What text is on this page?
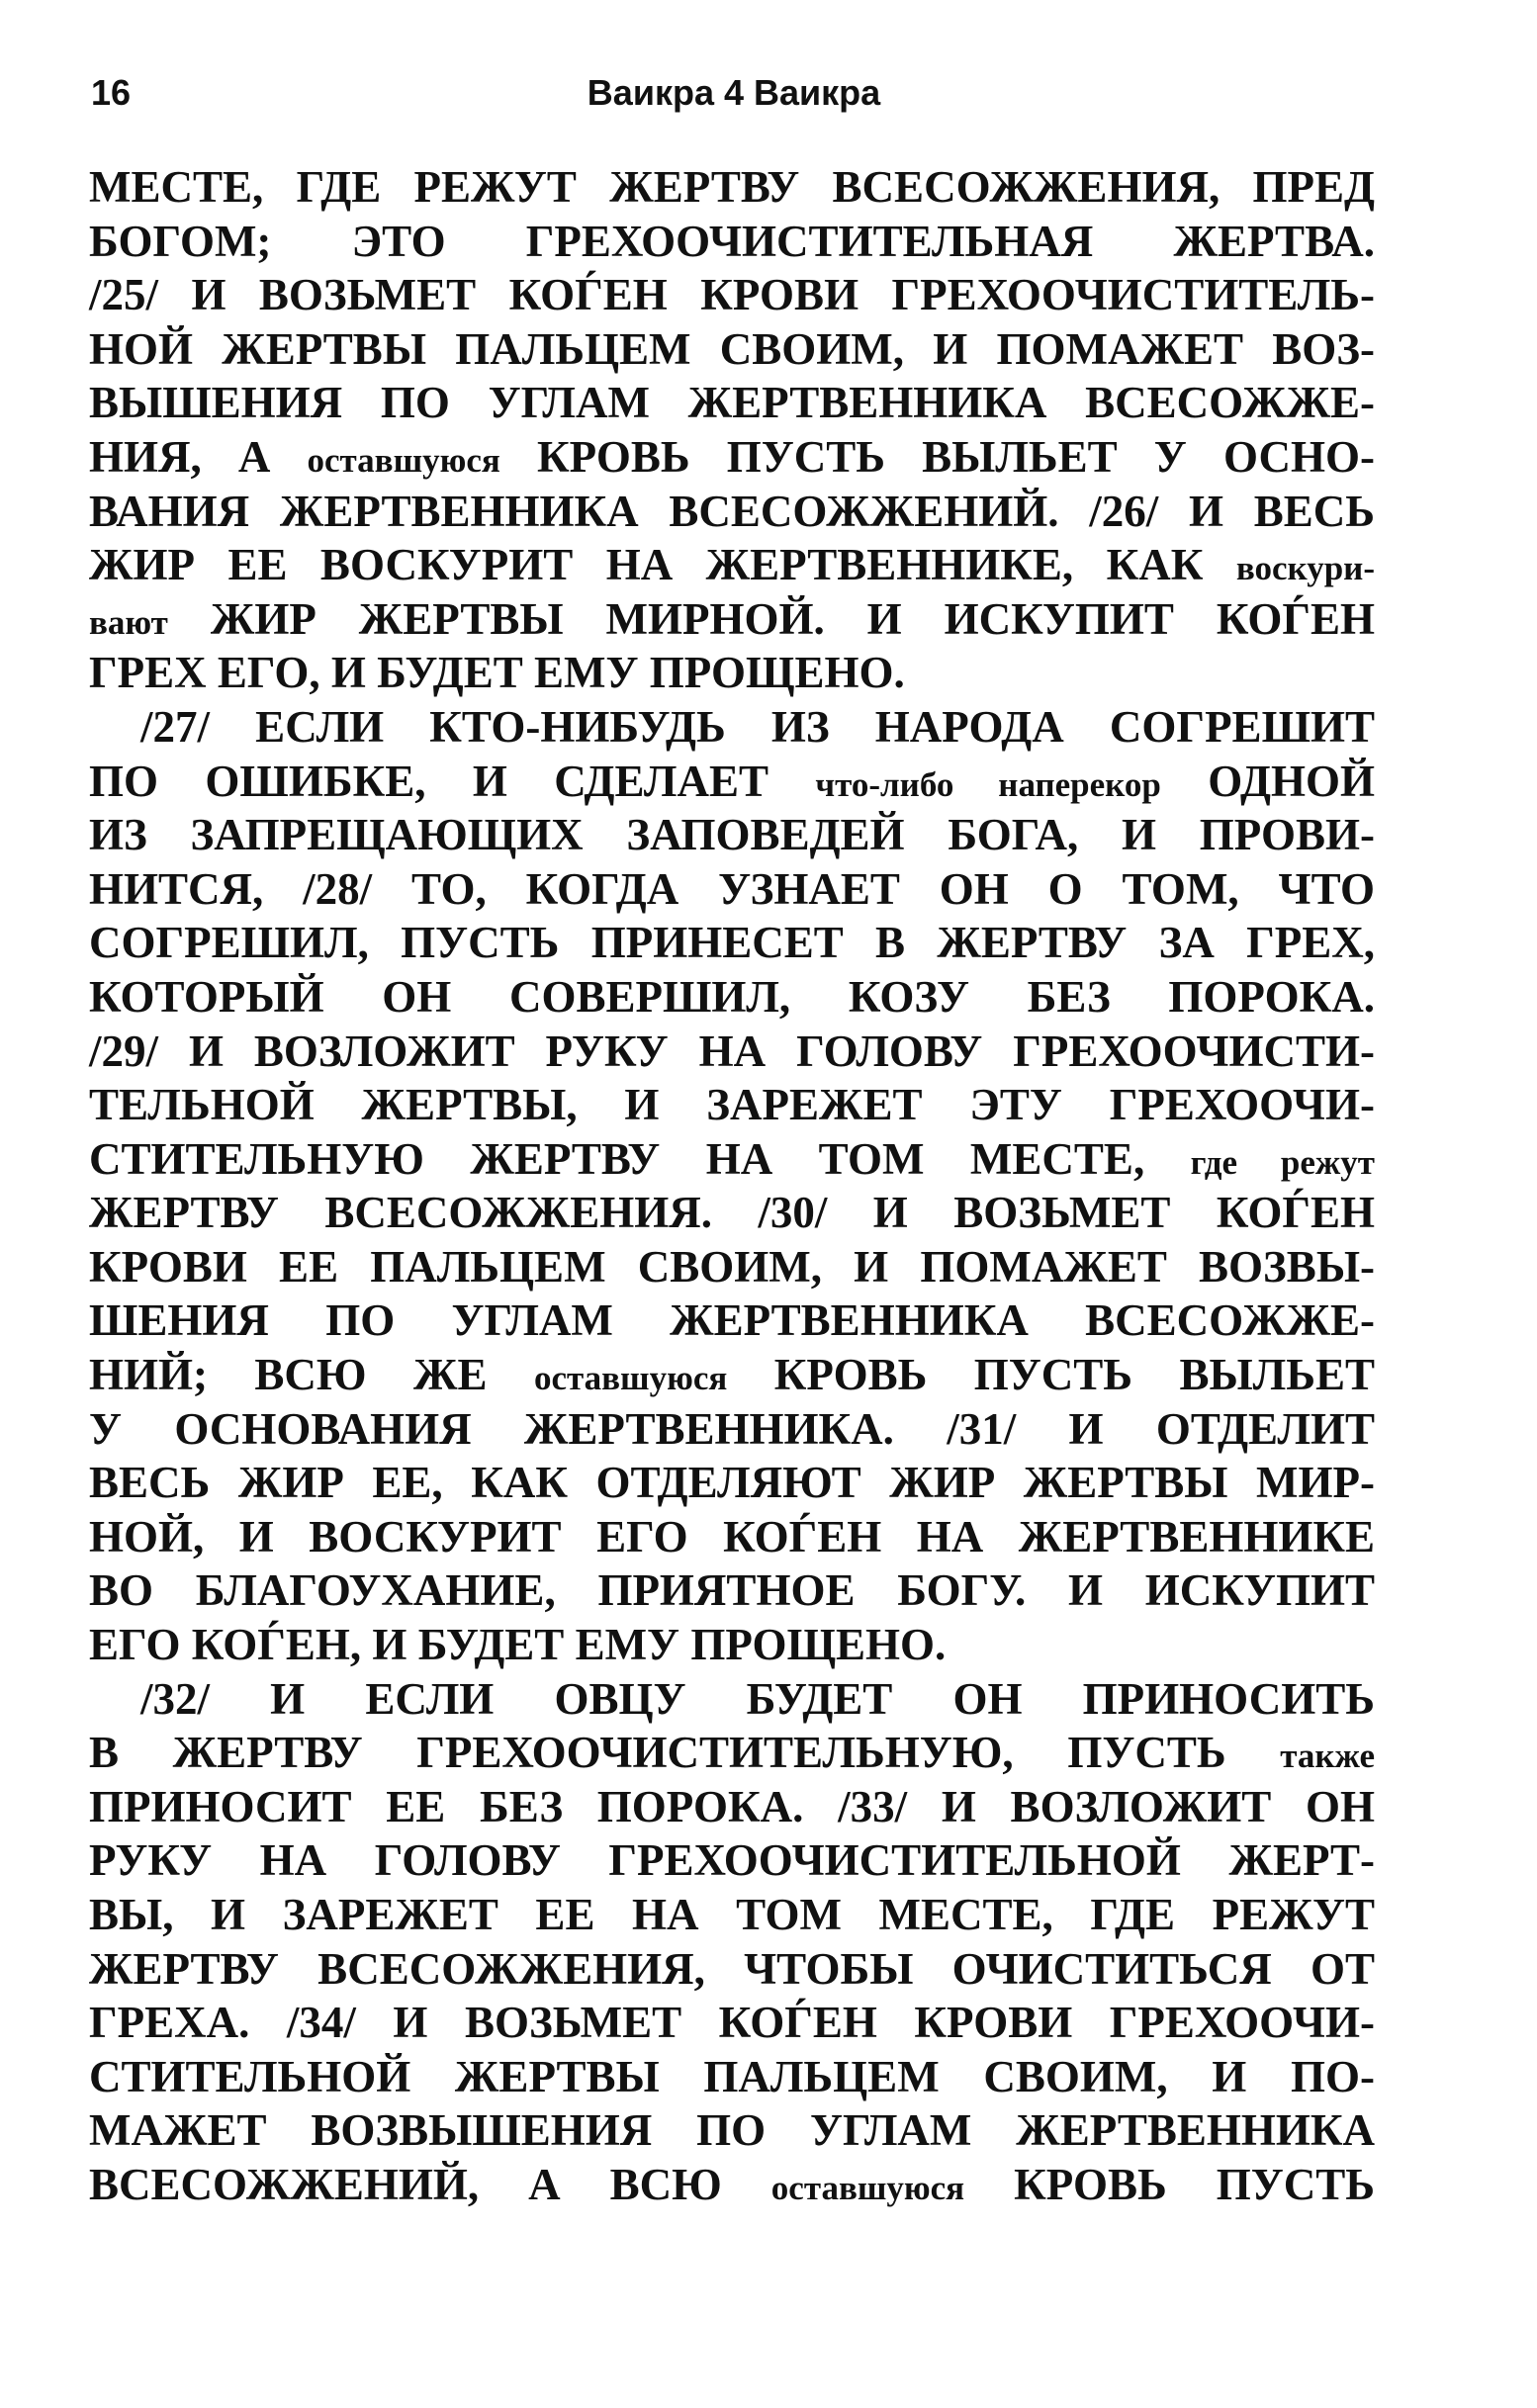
16	Ваикра 4 Ваикра
МЕСТЕ, ГДЕ РЕЖУТ ЖЕРТВУ ВСЕСОЖЖЕНИЯ, ПРЕД
БОГОМ; ЭТО ГРЕХООЧИСТИТЕЛЬНАЯ ЖЕРТВА.
/25/ И ВОЗЬМЕТ КОЃЕН КРОВИ ГРЕХООЧИСТИТЕЛЬ-
НОЙ ЖЕРТВЫ ПАЛЬЦЕМ СВОИМ, И ПОМАЖЕТ ВОЗ-
ВЫШЕНИЯ ПО УГЛАМ ЖЕРТВЕННИКА ВСЕСОЖЖЕ-
НИЯ, А оставшуюся КРОВЬ ПУСТЬ ВЫЛЬЕТ У ОСНО-
ВАНИЯ ЖЕРТВЕННИКА ВСЕСОЖЖЕНИЙ. /26/ И ВЕСЬ
ЖИР ЕЕ ВОСКУРИТ НА ЖЕРТВЕННИКЕ, КАК воскури-
вают ЖИР ЖЕРТВЫ МИРНОЙ. И ИСКУПИТ КОЃЕН
ГРЕХ ЕГО, И БУДЕТ ЕМУ ПРОЩЕНО.
/27/ ЕСЛИ КТО-НИБУДЬ ИЗ НАРОДА СОГРЕШИТ
ПО ОШИБКЕ, И СДЕЛАЕТ что-либо наперекор ОДНОЙ
ИЗ ЗАПРЕЩАЮЩИХ ЗАПОВЕДЕЙ БОГА, И ПРОВИ-
НИТСЯ, /28/ ТО, КОГДА УЗНАЕТ ОН О ТОМ, ЧТО
СОГРЕШИЛ, ПУСТЬ ПРИНЕСЕТ В ЖЕРТВУ ЗА ГРЕХ,
КОТОРЫЙ ОН СОВЕРШИЛ, КОЗУ БЕЗ ПОРОКА.
/29/ И ВОЗЛОЖИТ РУКУ НА ГОЛОВУ ГРЕХООЧИСТИ-
ТЕЛЬНОЙ ЖЕРТВЫ, И ЗАРЕЖЕТ ЭТУ ГРЕХООЧИ-
СТИТЕЛЬНУЮ ЖЕРТВУ НА ТОМ МЕСТЕ, где режут
ЖЕРТВУ ВСЕСОЖЖЕНИЯ. /30/ И ВОЗЬМЕТ КОЃЕН
КРОВИ ЕЕ ПАЛЬЦЕМ СВОИМ, И ПОМАЖЕТ ВОЗВЫ-
ШЕНИЯ ПО УГЛАМ ЖЕРТВЕННИКА ВСЕСОЖЖЕ-
НИЙ; ВСЮ ЖЕ оставшуюся КРОВЬ ПУСТЬ ВЫЛЬЕТ
У ОСНОВАНИЯ ЖЕРТВЕННИКА. /31/ И ОТДЕЛИТ
ВЕСЬ ЖИР ЕЕ, КАК ОТДЕЛЯЮТ ЖИР ЖЕРТВЫ МИР-
НОЙ, И ВОСКУРИТ ЕГО КОЃЕН НА ЖЕРТВЕННИКЕ
ВО БЛАГОУХАНИЕ, ПРИЯТНОЕ БОГУ. И ИСКУПИТ
ЕГО КОЃЕН, И БУДЕТ ЕМУ ПРОЩЕНО.
/32/ И ЕСЛИ ОВЦУ БУДЕТ ОН ПРИНОСИТЬ
В ЖЕРТВУ ГРЕХООЧИСТИТЕЛЬНУЮ, ПУСТЬ также
ПРИНОСИТ ЕЕ БЕЗ ПОРОКА. /33/ И ВОЗЛОЖИТ ОН
РУКУ НА ГОЛОВУ ГРЕХООЧИСТИТЕЛЬНОЙ ЖЕРТ-
ВЫ, И ЗАРЕЖЕТ ЕЕ НА ТОМ МЕСТЕ, ГДЕ РЕЖУТ
ЖЕРТВУ ВСЕСОЖЖЕНИЯ, ЧТОБЫ ОЧИСТИТЬСЯ ОТ
ГРЕХА. /34/ И ВОЗЬМЕТ КОЃЕН КРОВИ ГРЕХООЧИ-
СТИТЕЛЬНОЙ ЖЕРТВЫ ПАЛЬЦЕМ СВОИМ, И ПО-
МАЖЕТ ВОЗВЫШЕНИЯ ПО УГЛАМ ЖЕРТВЕННИКА
ВСЕСОЖЖЕНИЙ, А ВСЮ оставшуюся КРОВЬ ПУСТЬ
